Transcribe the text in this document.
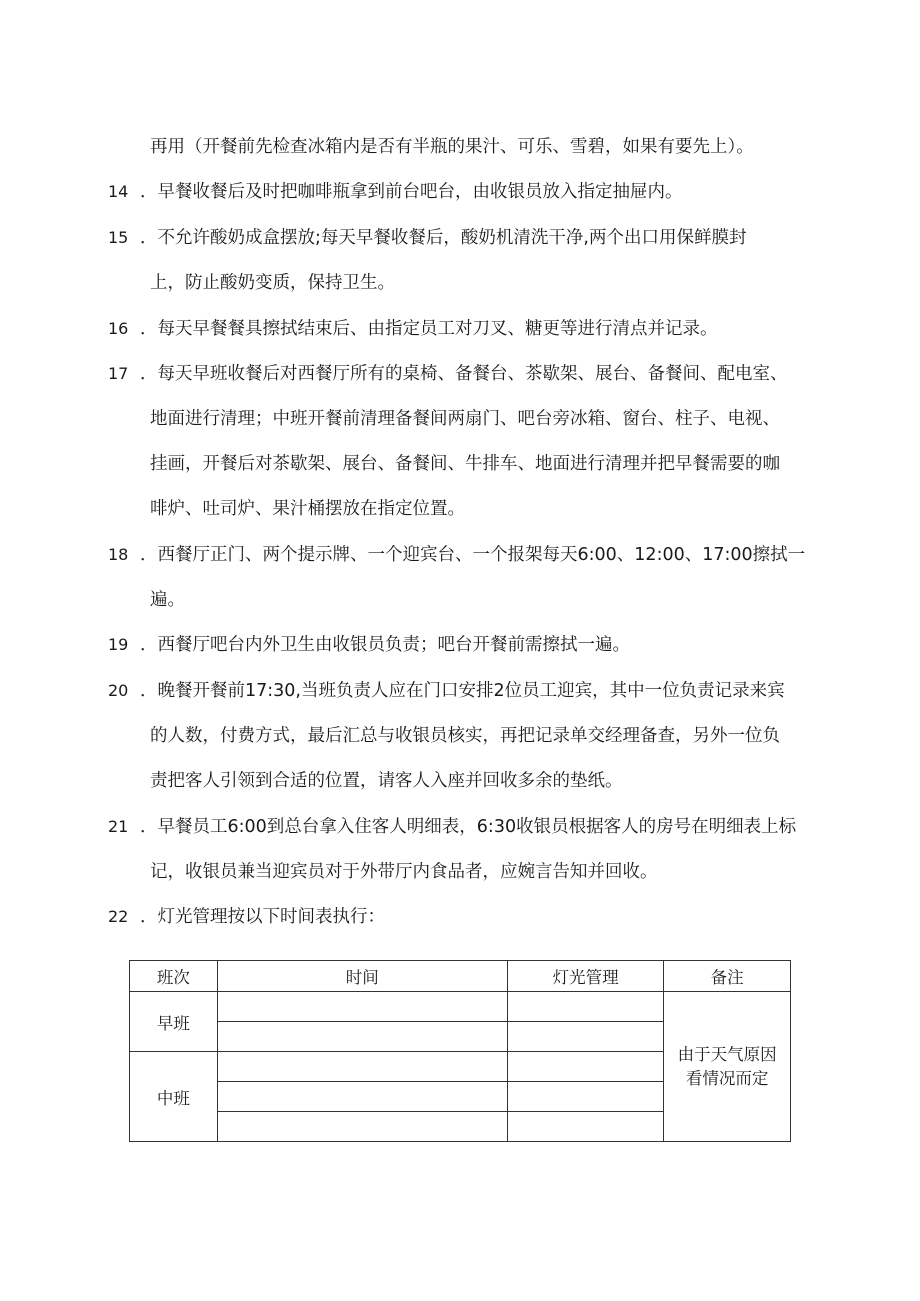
再用（开餐前先检查冰箱内是否有半瓶的果汁、可乐、雪碧，如果有要先上）。
14 ．早餐收餐后及时把咖啡瓶拿到前台吧台，由收银员放入指定抽屉内。
15 ．不允许酸奶成盒摆放;每天早餐收餐后，酸奶机清洗干净,两个出口用保鲜膜封
上，防止酸奶变质，保持卫生。
16 ．每天早餐餐具擦拭结束后、由指定员工对刀叉、糖更等进行清点并记录。
17 ．每天早班收餐后对西餐厅所有的桌椅、备餐台、茶歇架、展台、备餐间、配电室、
地面进行清理；中班开餐前清理备餐间两扇门、吧台旁冰箱、窗台、柱子、电视、
挂画，开餐后对茶歇架、展台、备餐间、牛排车、地面进行清理并把早餐需要的咖
啡炉、吐司炉、果汁桶摆放在指定位置。
18 ．西餐厅正门、两个提示牌、一个迎宾台、一个报架每天6:00、12:00、17:00擦拭一
遍。
19 ．西餐厅吧台内外卫生由收银员负责；吧台开餐前需擦拭一遍。
20 ．晚餐开餐前17:30,当班负责人应在门口安排2位员工迎宾，其中一位负责记录来宾
的人数，付费方式，最后汇总与收银员核实，再把记录单交经理备查，另外一位负
责把客人引领到合适的位置，请客人入座并回收多余的垫纸。
21 ．早餐员工6:00到总台拿入住客人明细表，6:30收银员根据客人的房号在明细表上标
记，收银员兼当迎宾员对于外带厅内食品者，应婉言告知并回收。
22 ．灯光管理按以下时间表执行：
班次	时间	灯光管理	备注
早班			由于天气原因
看情况而定

中班			
